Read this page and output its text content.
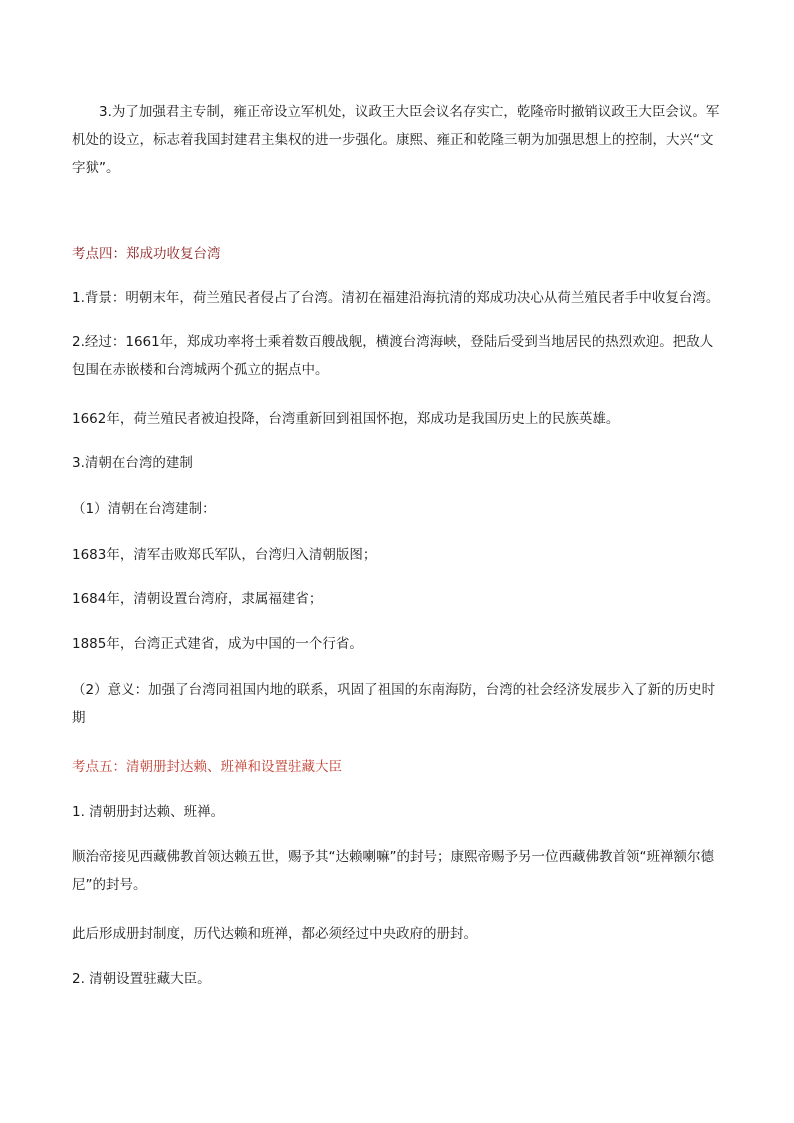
3.为了加强君主专制，雍正帝设立军机处，议政王大臣会议名存实亡，乾隆帝时撤销议政王大臣会议。军机处的设立，标志着我国封建君主集权的进一步强化。康熙、雍正和乾隆三朝为加强思想上的控制，大兴“文字狱”。

考点四：郑成功收复台湾

1.背景：明朝末年，荷兰殖民者侵占了台湾。清初在福建沿海抗清的郑成功决心从荷兰殖民者手中收复台湾。

2.经过：1661年，郑成功率将士乘着数百艘战舰，横渡台湾海峡，登陆后受到当地居民的热烈欢迎。把敌人包围在赤嵌楼和台湾城两个孤立的据点中。

1662年，荷兰殖民者被迫投降，台湾重新回到祖国怀抱，郑成功是我国历史上的民族英雄。

3.清朝在台湾的建制

（1）清朝在台湾建制：

1683年，清军击败郑氏军队，台湾归入清朝版图；

1684年，清朝设置台湾府，隶属福建省；

1885年，台湾正式建省，成为中国的一个行省。

（2）意义：加强了台湾同祖国内地的联系，巩固了祖国的东南海防，台湾的社会经济发展步入了新的历史时期

考点五：清朝册封达赖、班禅和设置驻藏大臣

1. 清朝册封达赖、班禅。

顺治帝接见西藏佛教首领达赖五世，赐予其“达赖喇嘛”的封号；康熙帝赐予另一位西藏佛教首领“班禅额尔德尼”的封号。

此后形成册封制度，历代达赖和班禅，都必须经过中央政府的册封。

2. 清朝设置驻藏大臣。
